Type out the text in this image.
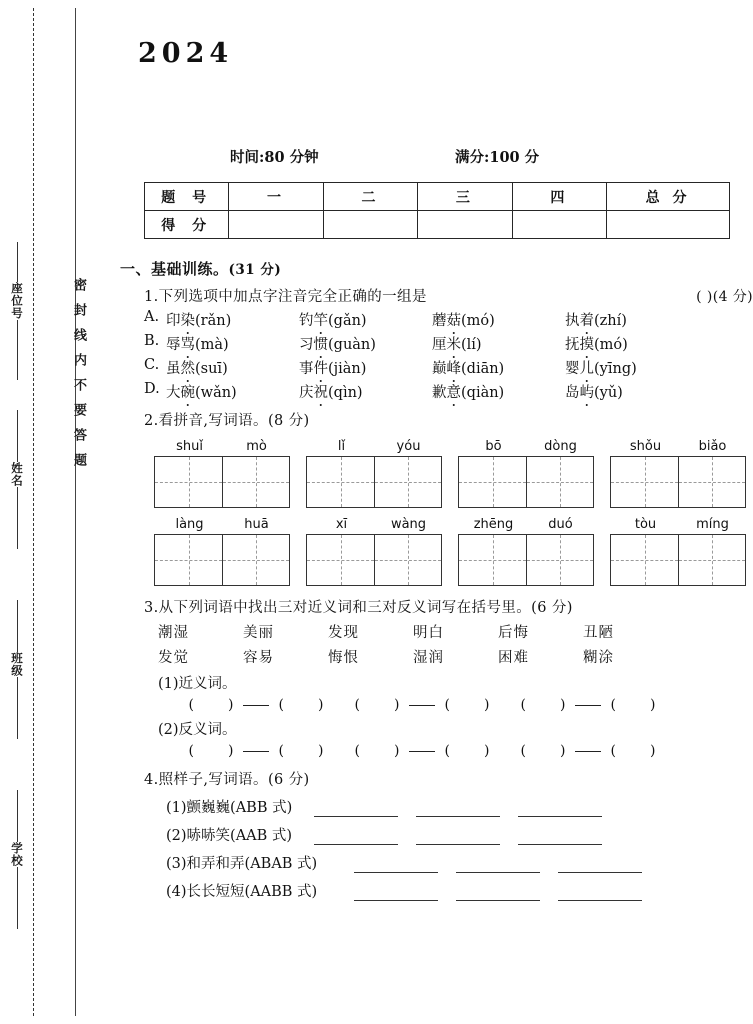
密封线内不要答题
座位号
姓名
班级
学校
2024
时间:80 分钟	满分:100 分
题 号	一	二	三	四	总 分
得 分					
一、基础训练。(31 分)
1. 下列选项中加点字注音完全正确的一组是	( )(4 分)
A. 印染(rǎn)	钓竿(gǎn)	蘑菇(mó)	执着(zhí)
B. 辱骂(mà)	习惯(guàn)	厘米(lí)	抚摸(mó)
C. 虽然(suī)	事件(jiàn)	巅峰(diān)	婴儿(yīng)
D. 大碗(wǎn)	庆祝(qìn)	歉意(qiàn)	岛屿(yǔ)
2. 看拼音,写词语。 (8 分)
shuǐ	mò	lǐ	yóu	bō	dòng	shǒu	biǎo
làng	huā	xī	wàng	zhēng	duó	tòu	míng
3. 从下列词语中找出三对近义词和三对反义词写在括号里。 (6 分)
潮湿	美丽	发现	明白	后悔	丑陋
发觉	容易	悔恨	湿润	困难	糊涂
(1)近义词。
( )	( )	( )	( )	( )	( )
(2)反义词。
( )	( )	( )	( )	( )	( )
4. 照样子,写词语。 (6 分)
(1)颤巍巍(ABB 式)
(2)哧哧笑(AAB 式)
(3)和弄和弄(ABAB 式)
(4)长长短短(AABB 式)
